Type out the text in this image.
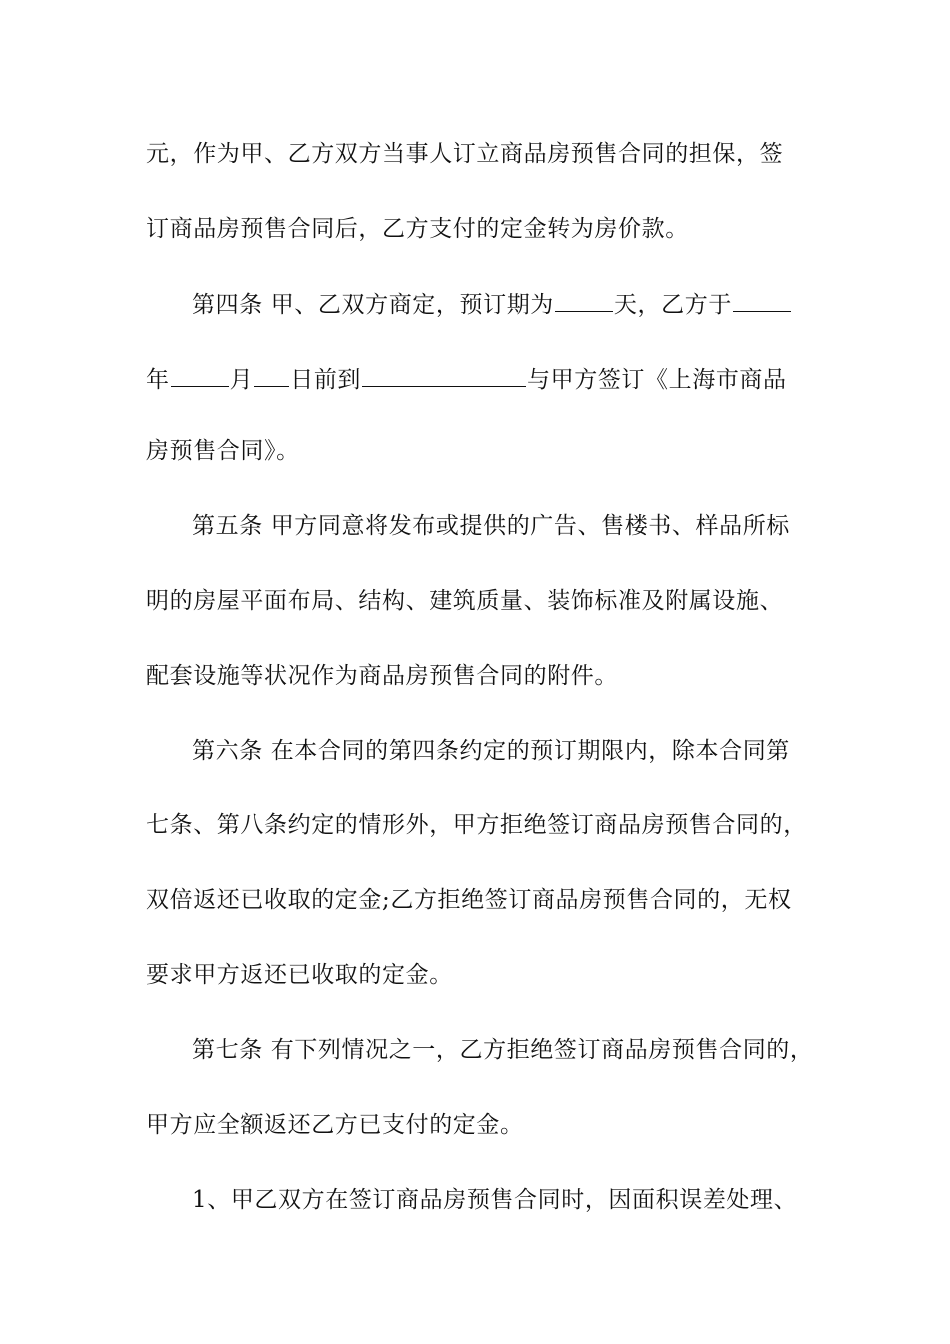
元，作为甲、乙方双方当事人订立商品房预售合同的担保，签
订商品房预售合同后，乙方支付的定金转为房价款。
第四条 甲、乙双方商定，预订期为	天，乙方于
年	月 日前到	与甲方签订《上海市商品
房预售合同》。
第五条 甲方同意将发布或提供的广告、售楼书、样品所标
明的房屋平面布局、结构、建筑质量、装饰标准及附属设施、
配套设施等状况作为商品房预售合同的附件。
第六条 在本合同的第四条约定的预订期限内，除本合同第
七条、第八条约定的情形外，甲方拒绝签订商品房预售合同的，
双倍返还已收取的定金;乙方拒绝签订商品房预售合同的，无权
要求甲方返还已收取的定金。
第七条 有下列情况之一，乙方拒绝签订商品房预售合同的，
甲方应全额返还乙方已支付的定金。
1、甲乙双方在签订商品房预售合同时，因面积误差处理、
